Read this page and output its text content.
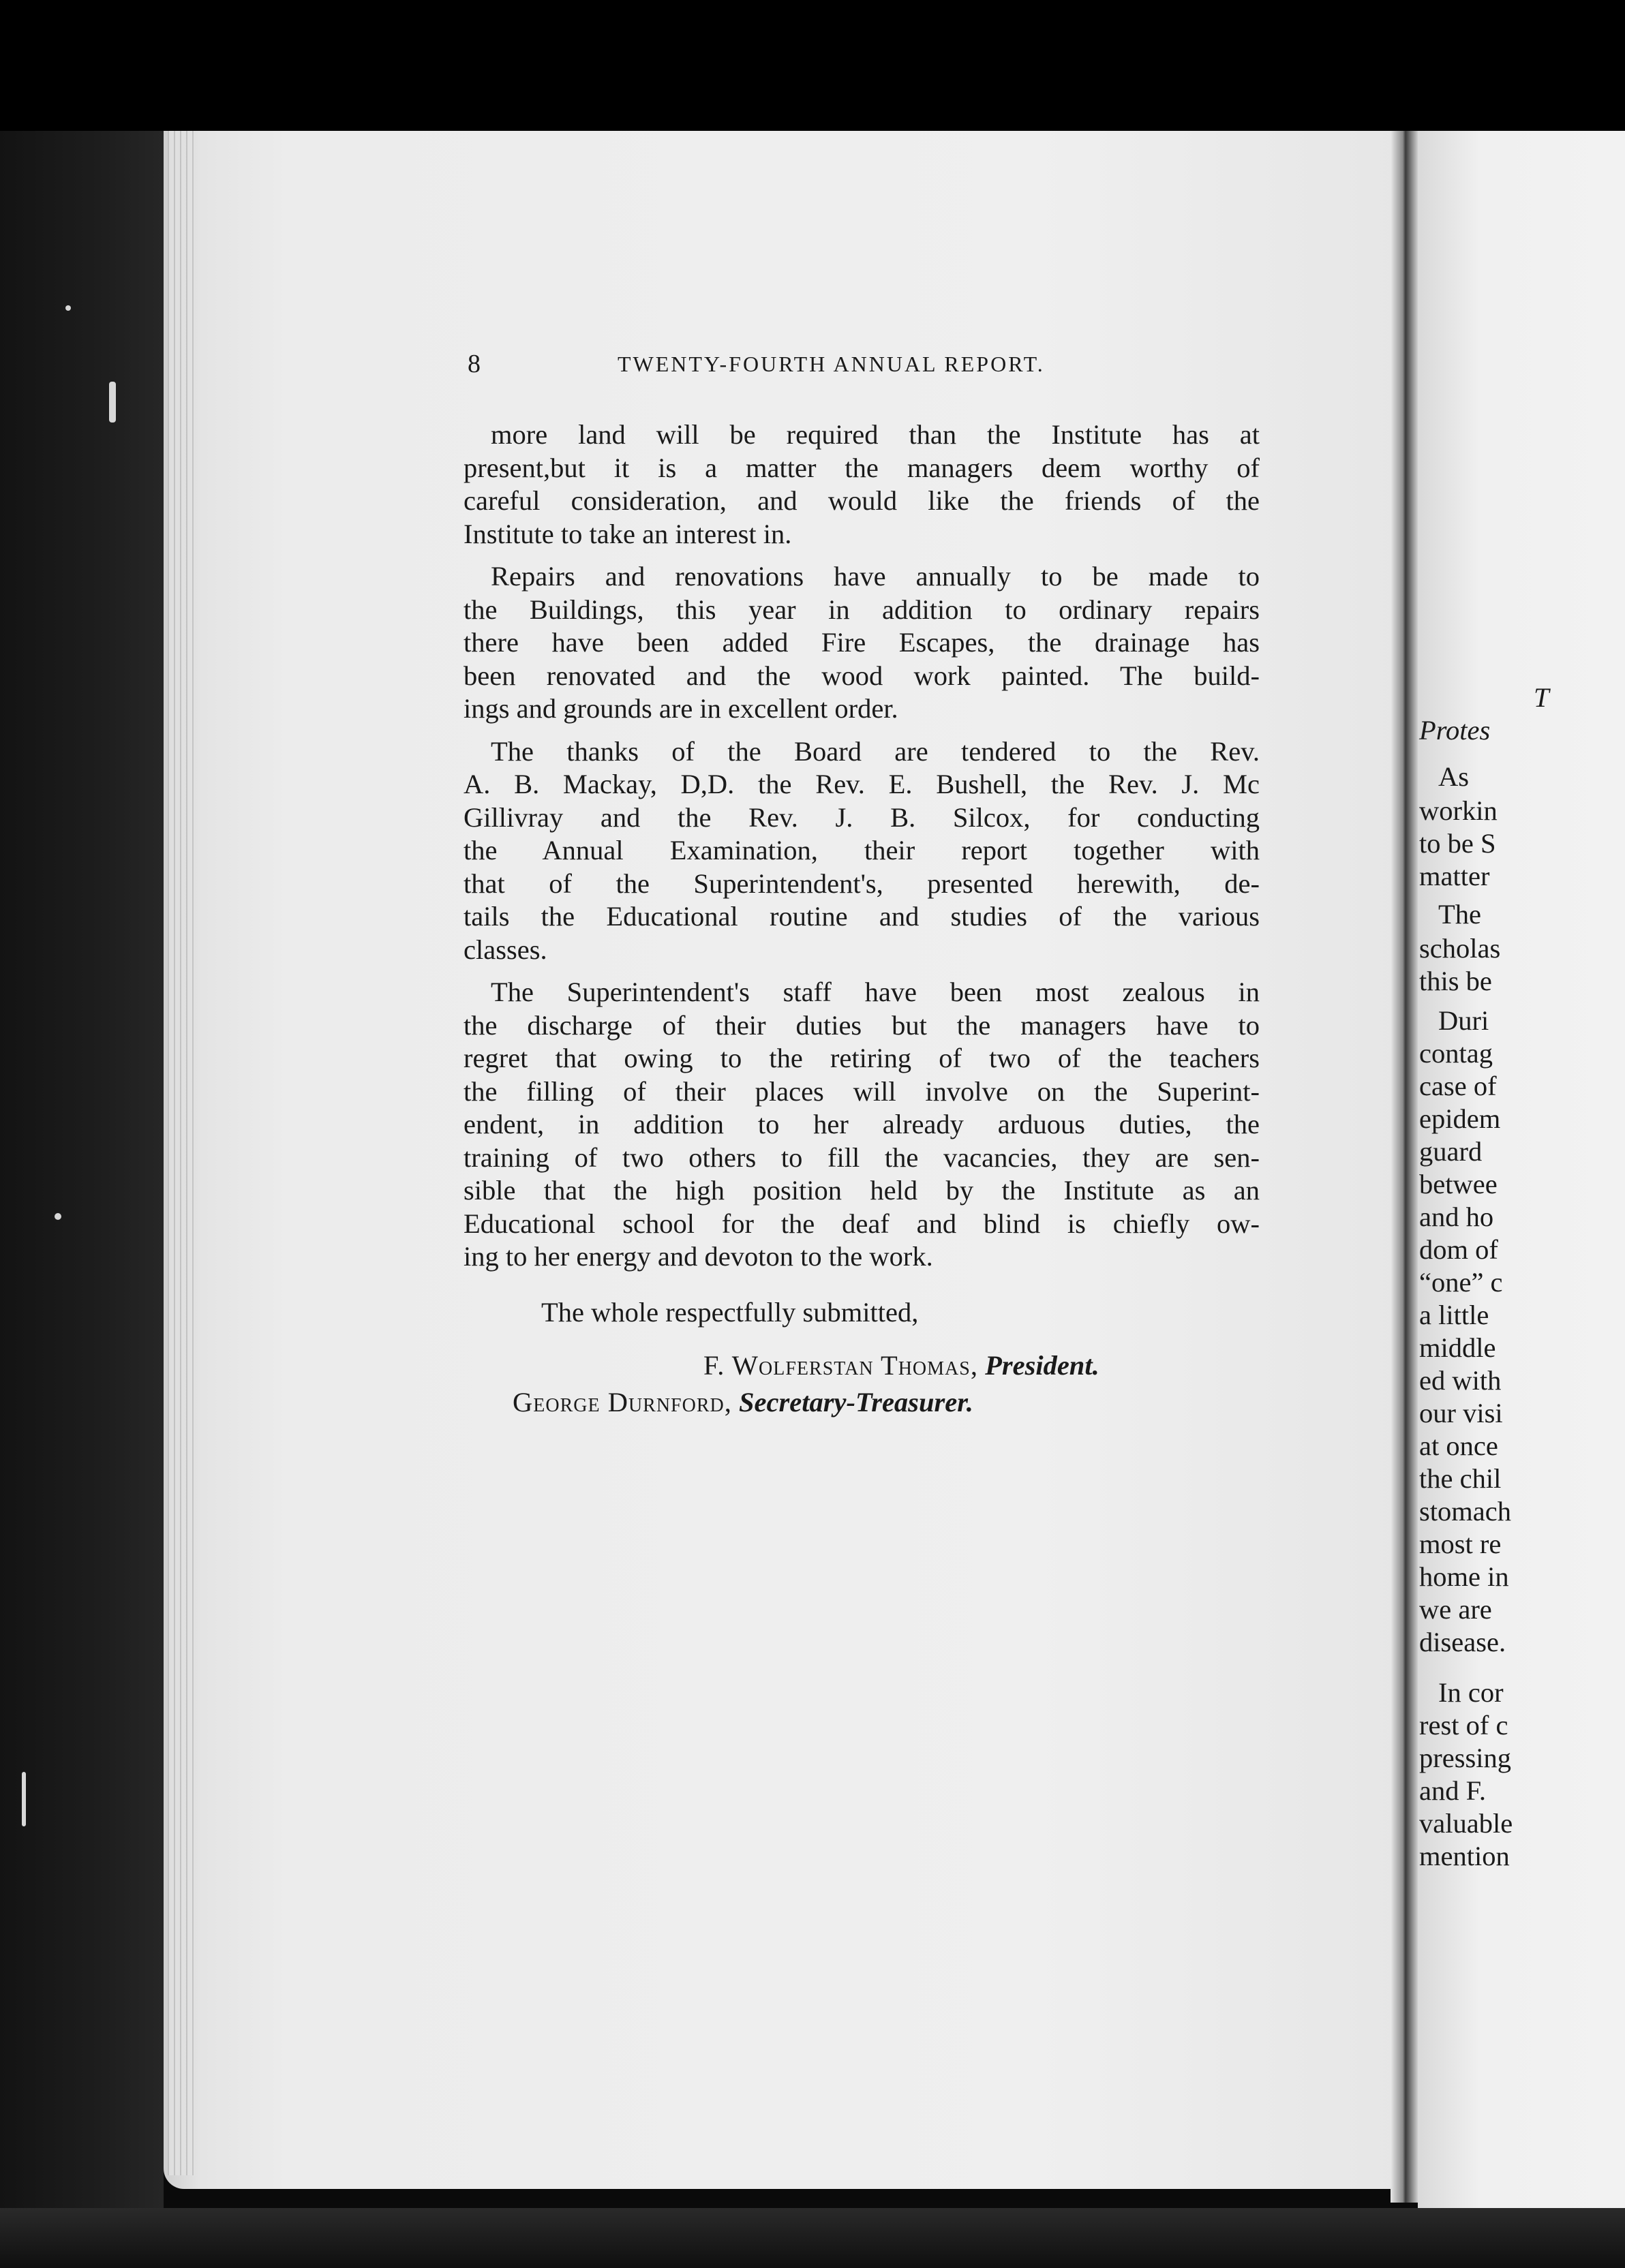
8	TWENTY-FOURTH ANNUAL REPORT.
more land will be required than the Institute has at
present,but it is a matter the managers deem worthy of
careful consideration, and would like the friends of the
Institute to take an interest in.
Repairs and renovations have annually to be made to
the Buildings, this year in addition to ordinary repairs
there have been added Fire Escapes, the drainage has
been renovated and the wood work painted. The build-
ings and grounds are in excellent order.
The thanks of the Board are tendered to the Rev.
A. B. Mackay, D,D. the Rev. E. Bushell, the Rev. J. Mc
Gillivray and the Rev. J. B. Silcox, for conducting
the Annual Examination, their report together with
that of the Superintendent's, presented herewith, de-
tails the Educational routine and studies of the various
classes.
The Superintendent's staff have been most zealous in
the discharge of their duties but the managers have to
regret that owing to the retiring of two of the teachers
the filling of their places will involve on the Superint-
endent, in addition to her already arduous duties, the
training of two others to fill the vacancies, they are sen-
sible that the high position held by the Institute as an
Educational school for the deaf and blind is chiefly ow-
ing to her energy and devoton to the work.
The whole respectfully submitted,
F. Wolferstan Thomas, President.
George Durnford, Secretary-Treasurer.
T
Protes
As
workin
to be S
matter
The
scholas
this be
Duri
contag
case of
epidem
guard
betwee
and ho
dom of
“one” c
a little
middle
ed with
our visi
at once
the chil
stomach
most re
home in
we are
disease.
In cor
rest of c
pressing
and F.
valuable
mention
